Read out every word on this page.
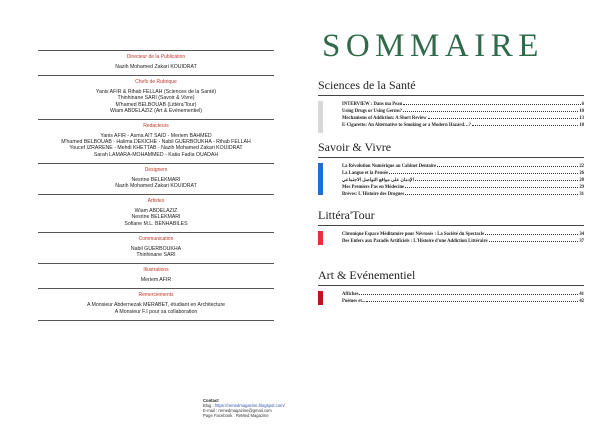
Directeur de la Publication
Nazih Mohamed Zakari KOUIDRAT
Chefs de Rubrique
Yanis AFIR & Rihab FELLAH (Sciences de la Santé)
Thinhinane SARI (Savoir & Vivre)
M'hamed BELBOUAB (Littéra'Tour)
Wiam ABDELAZIZ (Art & Evénementiel)
Redacteurs
Yanis AFIR - Asma AIT SAID - Meriem BAHMED
M'hamed BELBOUAB - Halima DEKICHE - Nabil GUERBOUKHA - Rihab FELLAH
Youcef IZRARENE - Mehdi KHETTAB - Nazih Mohamed Zakari KOUIDRAT
Sarah LAMARA-MOHAMMED - Katia Fadia OUADAH
Designers
Nesrine BELEKMARI
Nazih Mohamed Zakari KOUIDRAT
Artistes
Wiam ABDELAZIZ
Nesrine BELEKMARI
Sofiane M.L. BENHABILES
Communication
Nabil GUERBOUKHA
Thinhinane SARI
Illustrations
Meriem AFIR
Remerciements
A Monsieur Abdernezak MERABET, étudiant en Architecture
A Monsieur F.I pour sa collaboration
Contact
Blog : https://remedmagazine.blogspot.com/
E-mail : remedmagazine@gmail.com
Page Facebook : ReMed Magazine
SOMMAIRE
Sciences de la Santé
INTERVIEW : Dans ma Peau	6
Using Drugs or Using Germs?	10
Mechanisms of Addiction: A Short Review	13
E-Cigarette: An Alternative to Smoking or a Modern Hazard…?	18
Savoir & Vivre
La Révolution Numérique au Cabinet Dentaire	22
La Langue et la Pensée	26
الإدمان على مواقع التواصل الاجتماعي	28
Mes Premiers Pas en Médecine	29
Brèves: L'Histoire des Drogues	31
Littéra'Tour
Chronique Espace Méditatoire pour Névrosés : La Société du Spectacle	34
Des Enfers aux Paradis Artificiels : L'Histoire d'une Addiction Littéraire	37
Art & Evénementiel
Affiches	41
Poèmes et...	42
